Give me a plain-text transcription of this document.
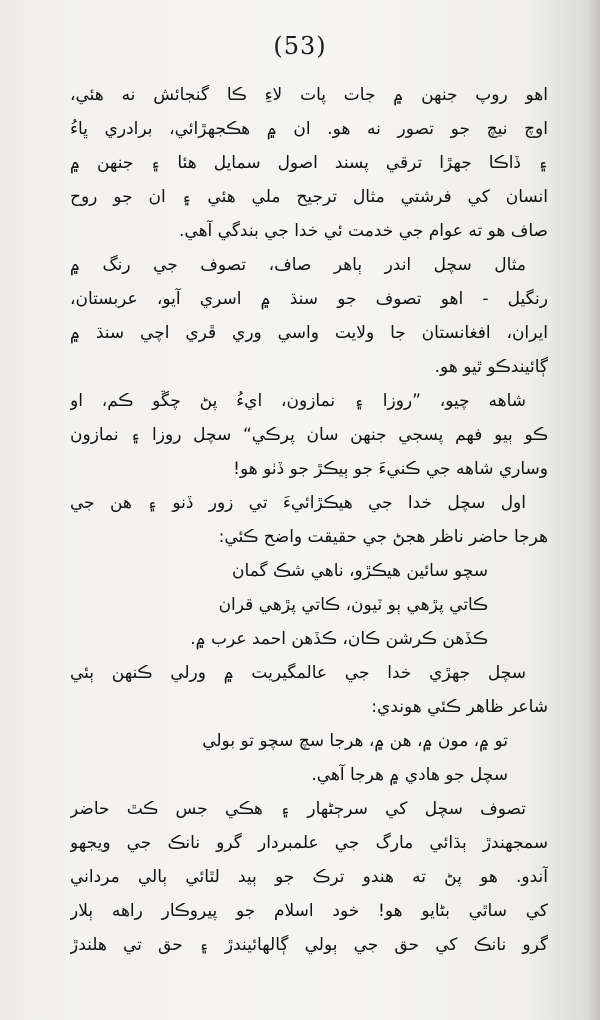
(53)
اهو روپ جنهن ۾ جات پات لاءِ ڪا گنجائش نه هئي،
اوچ نيچ جو تصور نه هو. ان ۾ هڪجهڙائي، برادري ڀاءُ
۽ ڏاڪا جهڙا ترقي پسند اصول سمايل هئا ۽ جنهن ۾
انسان کي فرشتي مثال ترجيح ملي هئي ۽ ان جو روح
صاف هو ته عوام جي خدمت ئي خدا جي بندگي آهي.
مثال سچل اندر ٻاهر صاف، تصوف جي رنگ ۾
رنگيل - اهو تصوف جو سنڌ ۾ اسري آيو، عربستان،
ايران، افغانستان جا ولايت واسي وري ڦري اچي سنڌ ۾
ڳائيندڪو ٿيو هو.
شاهه چيو، ”روزا ۽ نمازون، ايءُ پڻ چڱو ڪم، او
ڪو ٻيو فهم پسجي جنهن سان پرڪي“ سچل روزا ۽ نمازون
وساري شاهه جي ڪنيءَ جو ٻيڪڙ جو ڏٺو هو!
اول سچل خدا جي هيڪڙائيءَ تي زور ڏنو ۽ هن جي
هرجا حاضر ناظر هجڻ جي حقيقت واضح ڪئي:
سچو سائين هيڪڙو، ناهي شڪ گمان
ڪاتي پڙهي ٻو ٽيون، ڪاتي پڙهي قران
ڪڏهن ڪرشن ڪان، ڪڏهن احمد عرب ۾.
سچل جهڙي خدا جي عالمگيريت ۾ ورلي ڪنهن ٻئي
شاعر ظاهر ڪئي هوندي:
تو ۾، مون ۾، هن ۾، هرجا سچ سچو تو بولي
سچل جو هادي ۾ هرجا آهي.
تصوف سچل کي سرڄڻهار ۽ هڪي جس ڪٿ حاضر
سمجهندڙ ٻڌائي مارگ جي علمبردار گرو نانڪ جي ويجهو
آندو. هو پڻ ته هندو ترڪ جو ٻيد لٿائي ٻالي مرداني
کي ساٿي بڻايو هو! خود اسلام جو پيروڪار راهه ٻلار
گرو نانڪ کي حق جي ٻولي ڳالهائيندڙ ۽ حق تي هلندڙ
